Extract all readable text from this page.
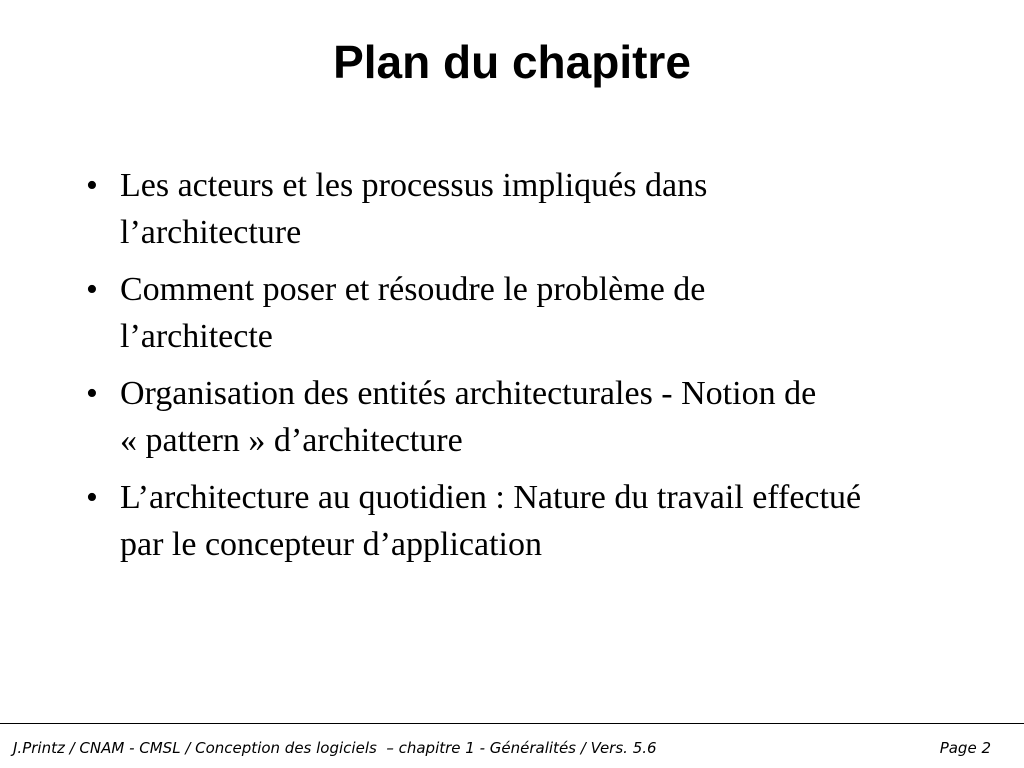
Plan du chapitre
• Les acteurs et les processus impliqués dans
l’architecture
• Comment poser et résoudre le problème de
l’architecte
• Organisation des entités architecturales - Notion de
« pattern » d’architecture
• L’architecture au quotidien : Nature du travail effectué
par le concepteur d’application
J.Printz / CNAM - CMSL / Conception des logiciels  – chapitre 1 - Généralités / Vers. 5.6	Page 2
